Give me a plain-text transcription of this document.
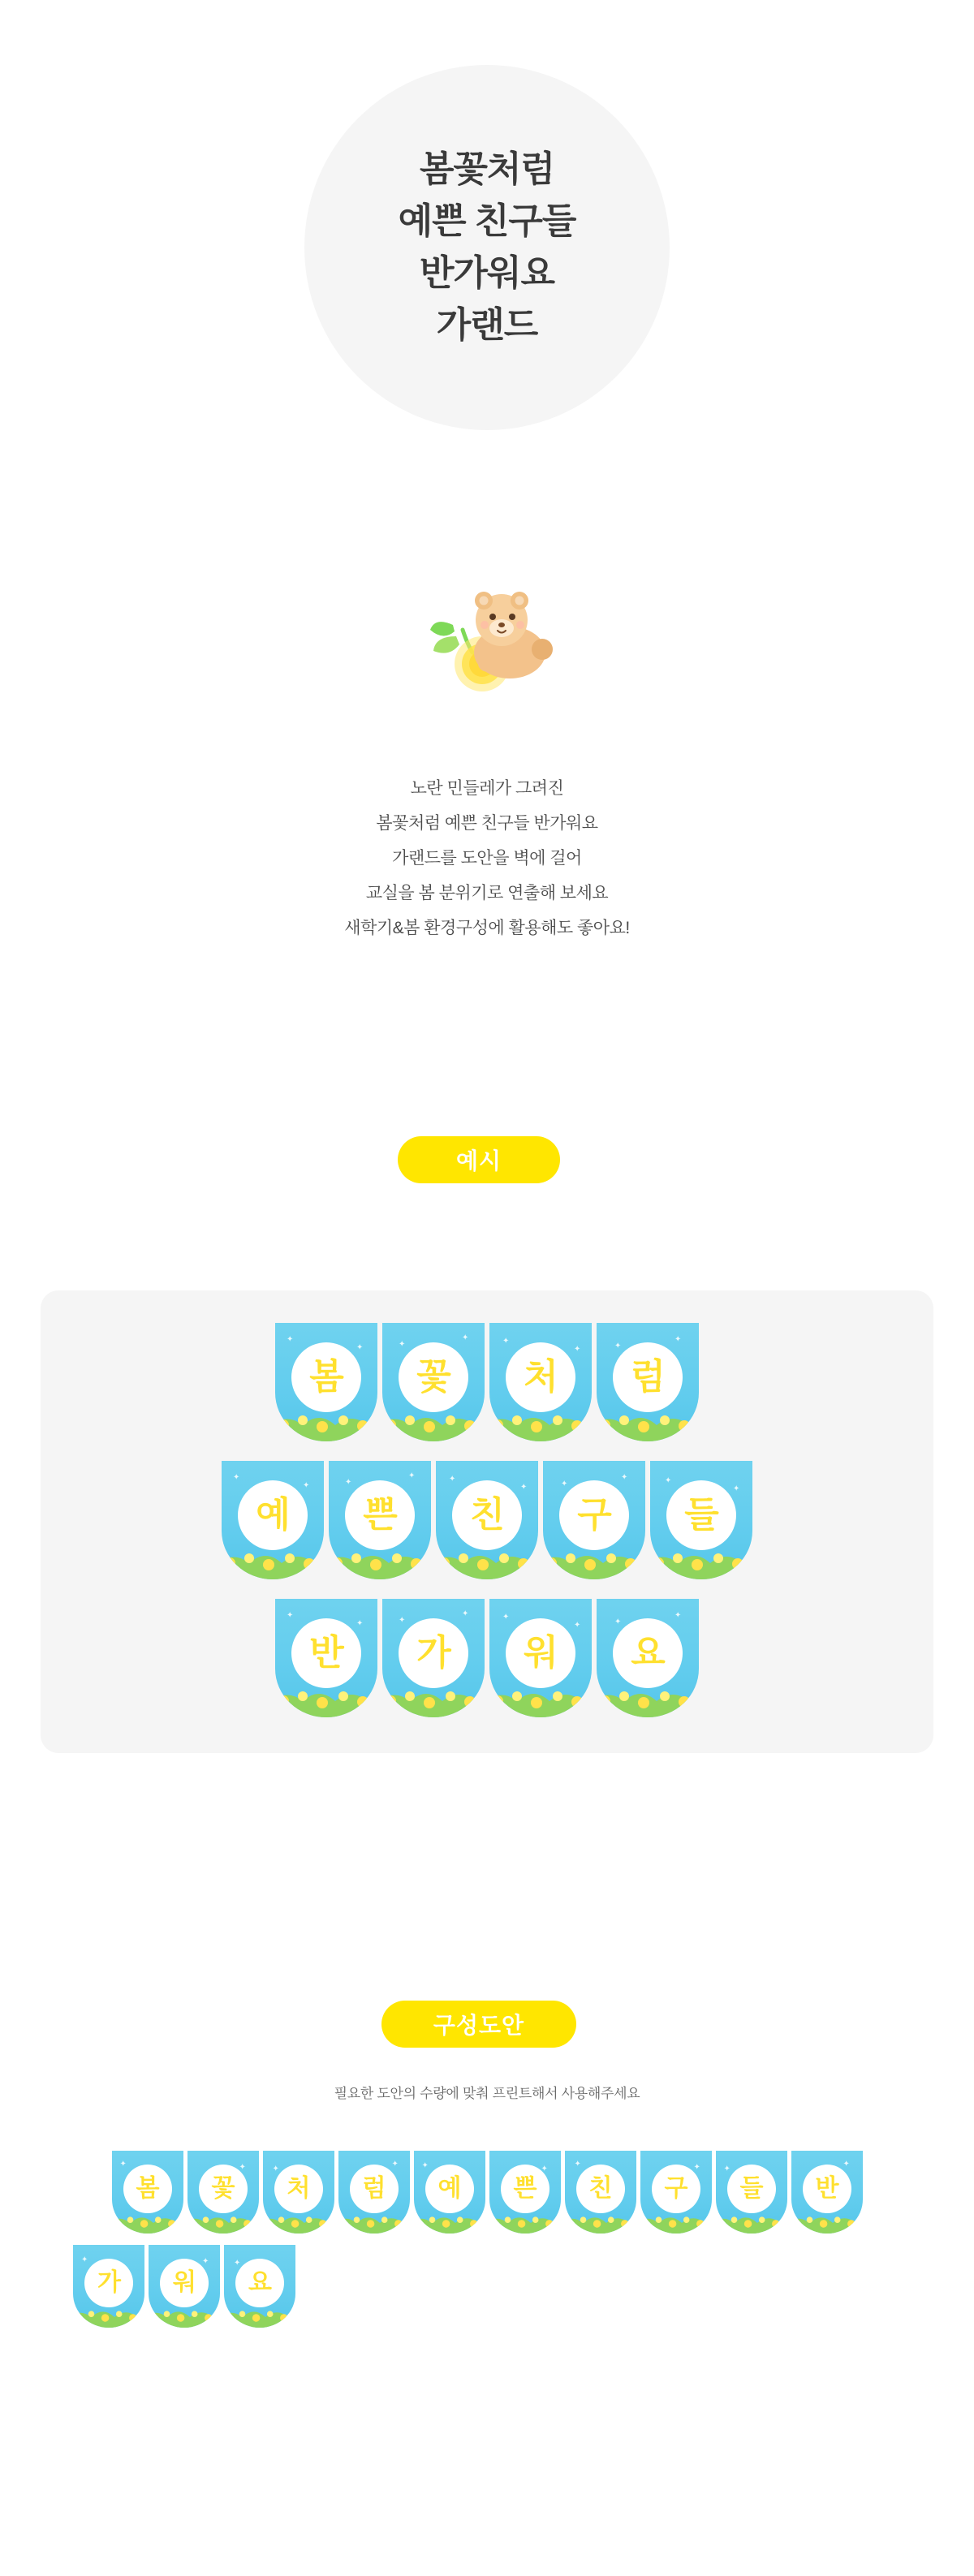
봄꽃처럼
예쁜 친구들
반가워요
가랜드
노란 민들레가 그려진
봄꽃처럼 예쁜 친구들 반가워요
가랜드를 도안을 벽에 걸어
교실을 봄 분위기로 연출해 보세요
새학기&봄 환경구성에 활용해도 좋아요!
예시
✦
✦
봄
✦
✦
꽃
✦
✦
처
✦
✦
럼
✦
✦
예
✦
✦
쁜
✦
✦
친
✦
✦
구
✦
✦
들
✦
✦
반
✦
✦
가
✦
✦
워
✦
✦
요
구성도안
필요한 도안의 수량에 맞춰 프린트해서 사용해주세요
✦
봄
✦
꽃
✦
처
✦
럼
✦
예
✦
쁜
✦
친
✦
구
✦
들
✦
반
✦
가
✦
워
✦
요
